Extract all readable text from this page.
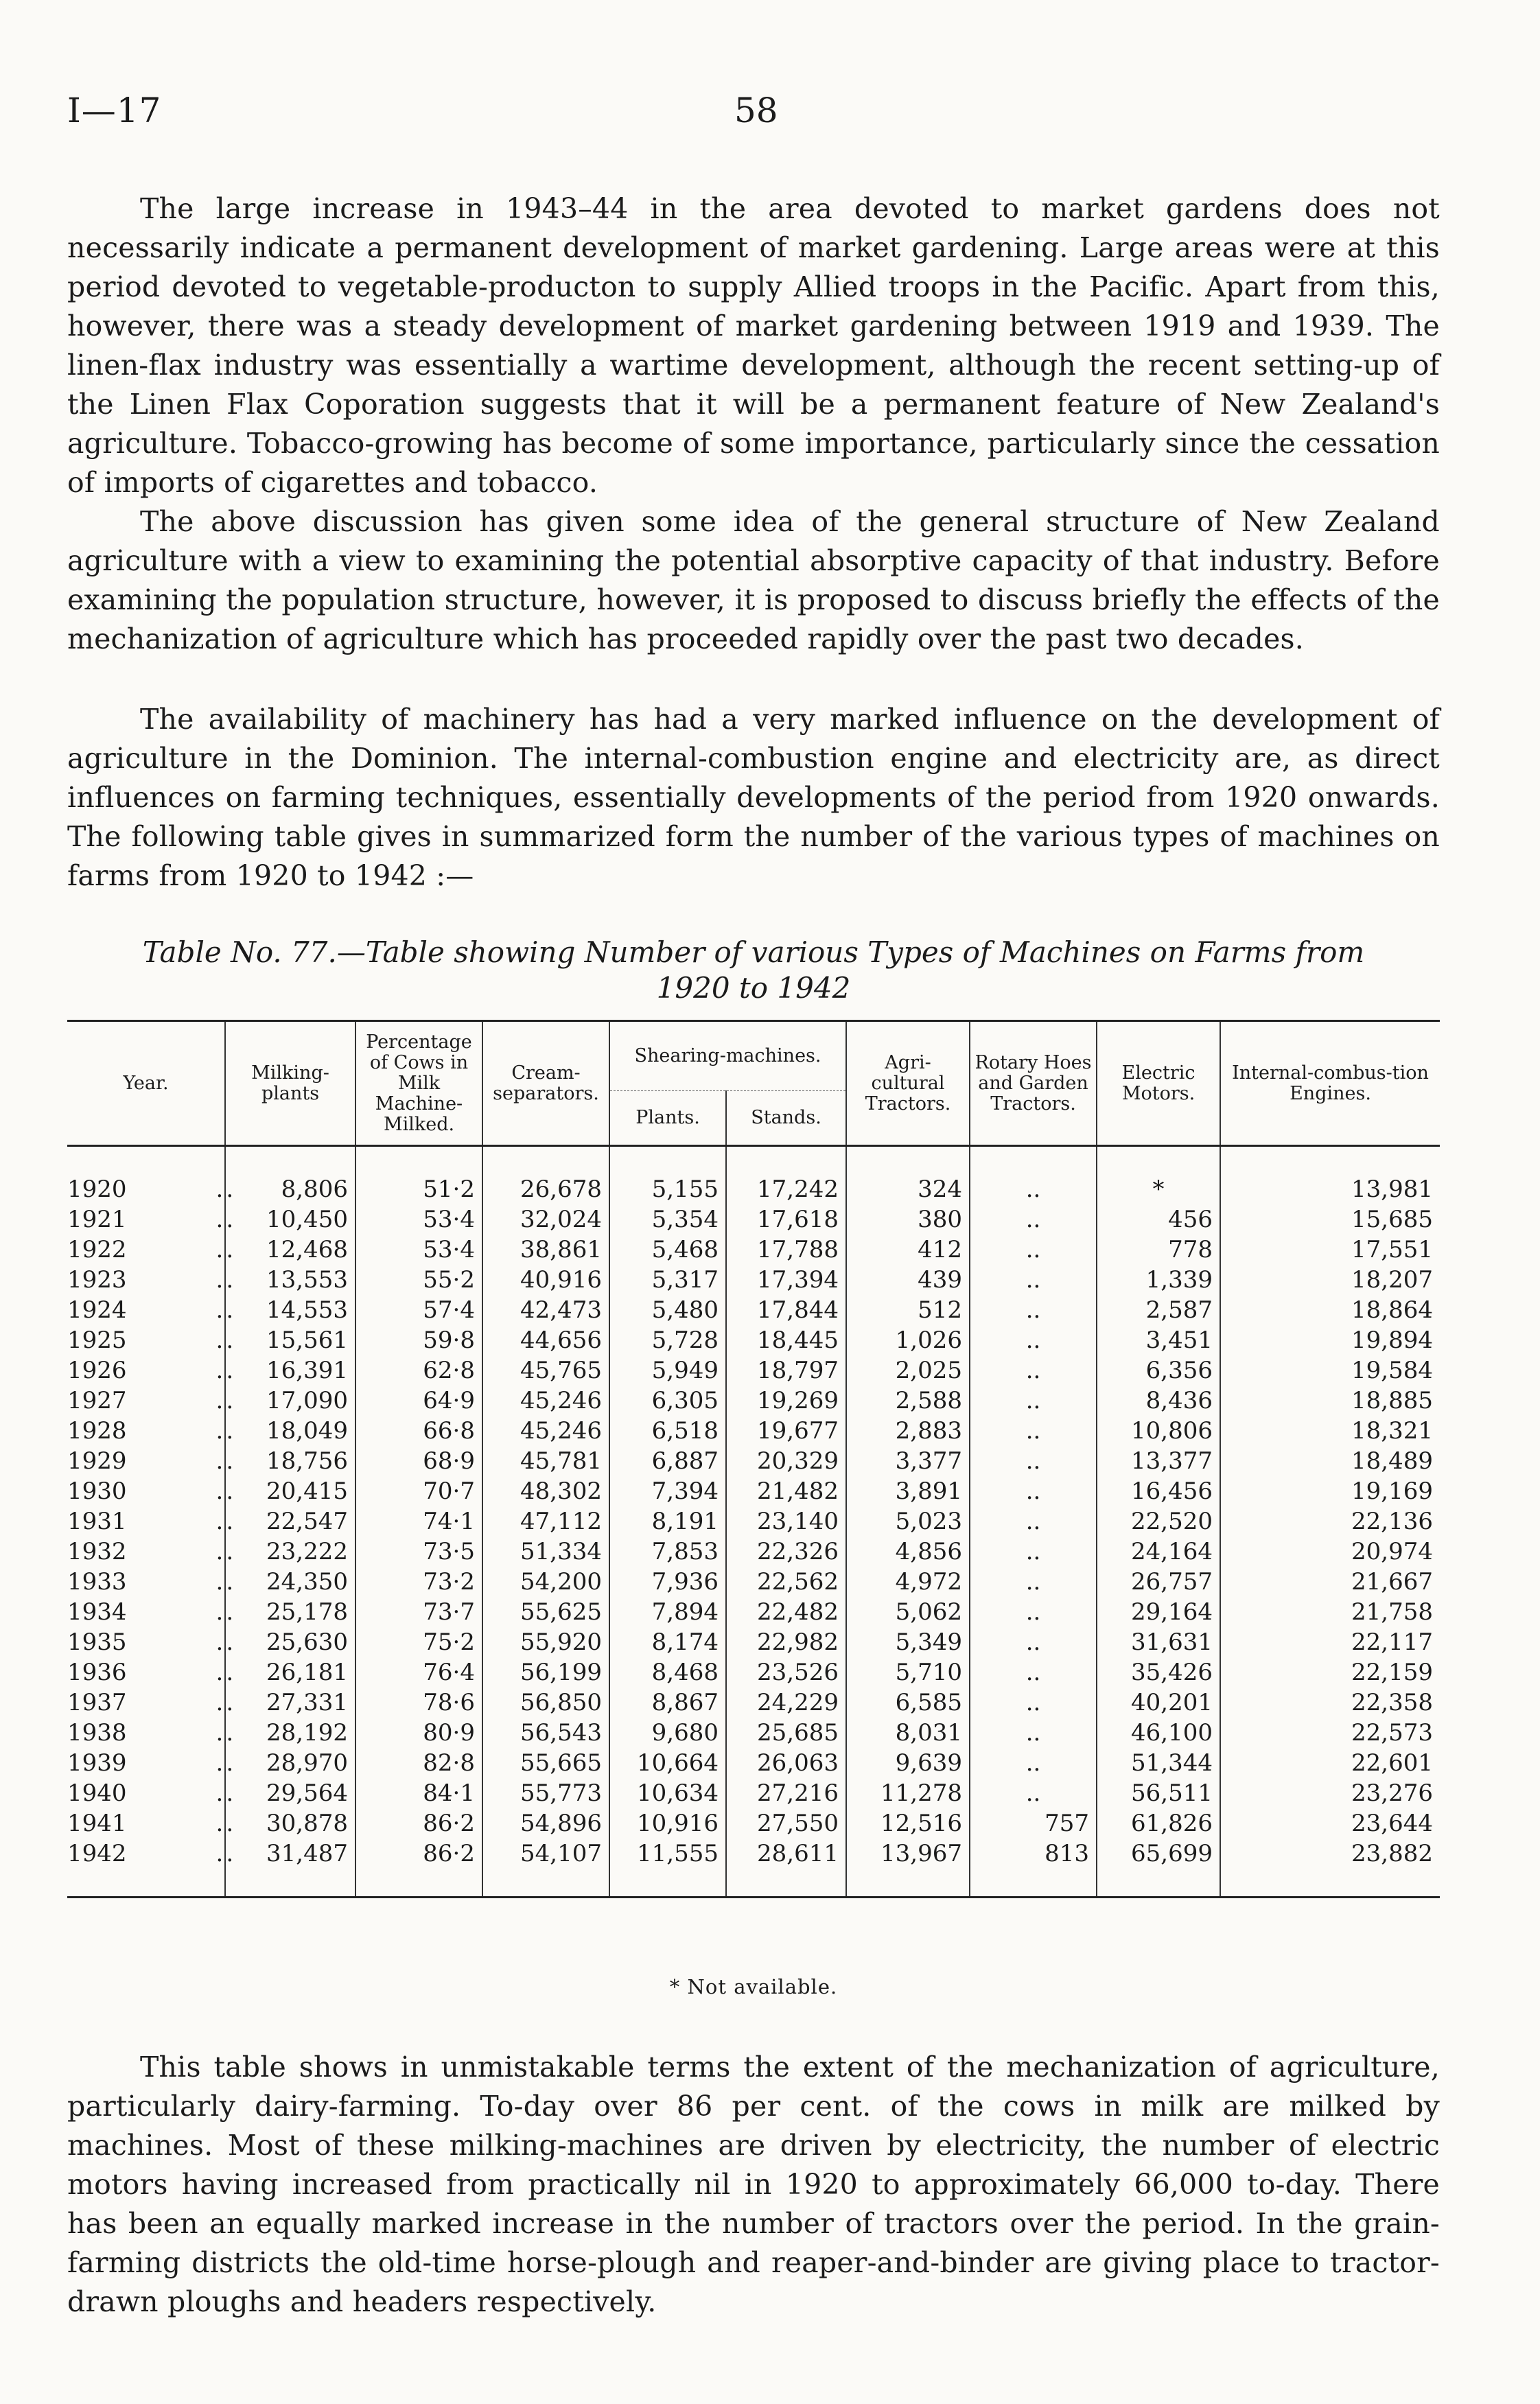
I—17	58

The large increase in 1943–44 in the area devoted to market gardens does not necessarily indicate a permanent development of market gardening. Large areas were at this period devoted to vegetable-producton to supply Allied troops in the Pacific. Apart from this, however, there was a steady development of market gardening between 1919 and 1939. The linen-flax industry was essentially a wartime development, although the recent setting-up of the Linen Flax Coporation suggests that it will be a permanent feature of New Zealand's agriculture. Tobacco-growing has become of some importance, particularly since the cessation of imports of cigarettes and tobacco.

The above discussion has given some idea of the general structure of New Zealand agriculture with a view to examining the potential absorptive capacity of that industry. Before examining the population structure, however, it is proposed to discuss briefly the effects of the mechanization of agriculture which has proceeded rapidly over the past two decades.

The availability of machinery has had a very marked influence on the development of agriculture in the Dominion. The internal-combustion engine and electricity are, as direct influences on farming techniques, essentially developments of the period from 1920 onwards. The following table gives in summarized form the number of the various types of machines on farms from 1920 to 1942 :—

Table No. 77.—Table showing Number of various Types of Machines on Farms from
1920 to 1942
Year.	Milking-plants	Percentage of Cows in Milk Machine-Milked.	Cream-separators.	Shearing-machines.		Agri-cultural Tractors.	Rotary Hoes and Garden Tractors.	Electric Motors.	Internal-combus-tion Engines.
				Plants.	Stands.				

1920 ..	8,806	51·2	26,678	5,155	17,242	324	..	*	13,981
1921 ..	10,450	53·4	32,024	5,354	17,618	380	..	456	15,685
1922 ..	12,468	53·4	38,861	5,468	17,788	412	..	778	17,551
1923 ..	13,553	55·2	40,916	5,317	17,394	439	..	1,339	18,207
1924 ..	14,553	57·4	42,473	5,480	17,844	512	..	2,587	18,864
1925 ..	15,561	59·8	44,656	5,728	18,445	1,026	..	3,451	19,894
1926 ..	16,391	62·8	45,765	5,949	18,797	2,025	..	6,356	19,584
1927 ..	17,090	64·9	45,246	6,305	19,269	2,588	..	8,436	18,885
1928 ..	18,049	66·8	45,246	6,518	19,677	2,883	..	10,806	18,321
1929 ..	18,756	68·9	45,781	6,887	20,329	3,377	..	13,377	18,489
1930 ..	20,415	70·7	48,302	7,394	21,482	3,891	..	16,456	19,169
1931 ..	22,547	74·1	47,112	8,191	23,140	5,023	..	22,520	22,136
1932 ..	23,222	73·5	51,334	7,853	22,326	4,856	..	24,164	20,974
1933 ..	24,350	73·2	54,200	7,936	22,562	4,972	..	26,757	21,667
1934 ..	25,178	73·7	55,625	7,894	22,482	5,062	..	29,164	21,758
1935 ..	25,630	75·2	55,920	8,174	22,982	5,349	..	31,631	22,117
1936 ..	26,181	76·4	56,199	8,468	23,526	5,710	..	35,426	22,159
1937 ..	27,331	78·6	56,850	8,867	24,229	6,585	..	40,201	22,358
1938 ..	28,192	80·9	56,543	9,680	25,685	8,031	..	46,100	22,573
1939 ..	28,970	82·8	55,665	10,664	26,063	9,639	..	51,344	22,601
1940 ..	29,564	84·1	55,773	10,634	27,216	11,278	..	56,511	23,276
1941 ..	30,878	86·2	54,896	10,916	27,550	12,516	757	61,826	23,644
1942 ..	31,487	86·2	54,107	11,555	28,611	13,967	813	65,699	23,882

* Not available.

This table shows in unmistakable terms the extent of the mechanization of agriculture, particularly dairy-farming. To-day over 86 per cent. of the cows in milk are milked by machines. Most of these milking-machines are driven by electricity, the number of electric motors having increased from practically nil in 1920 to approximately 66,000 to-day. There has been an equally marked increase in the number of tractors over the period. In the grain-farming districts the old-time horse-plough and reaper-and-binder are giving place to tractor-drawn ploughs and headers respectively.
